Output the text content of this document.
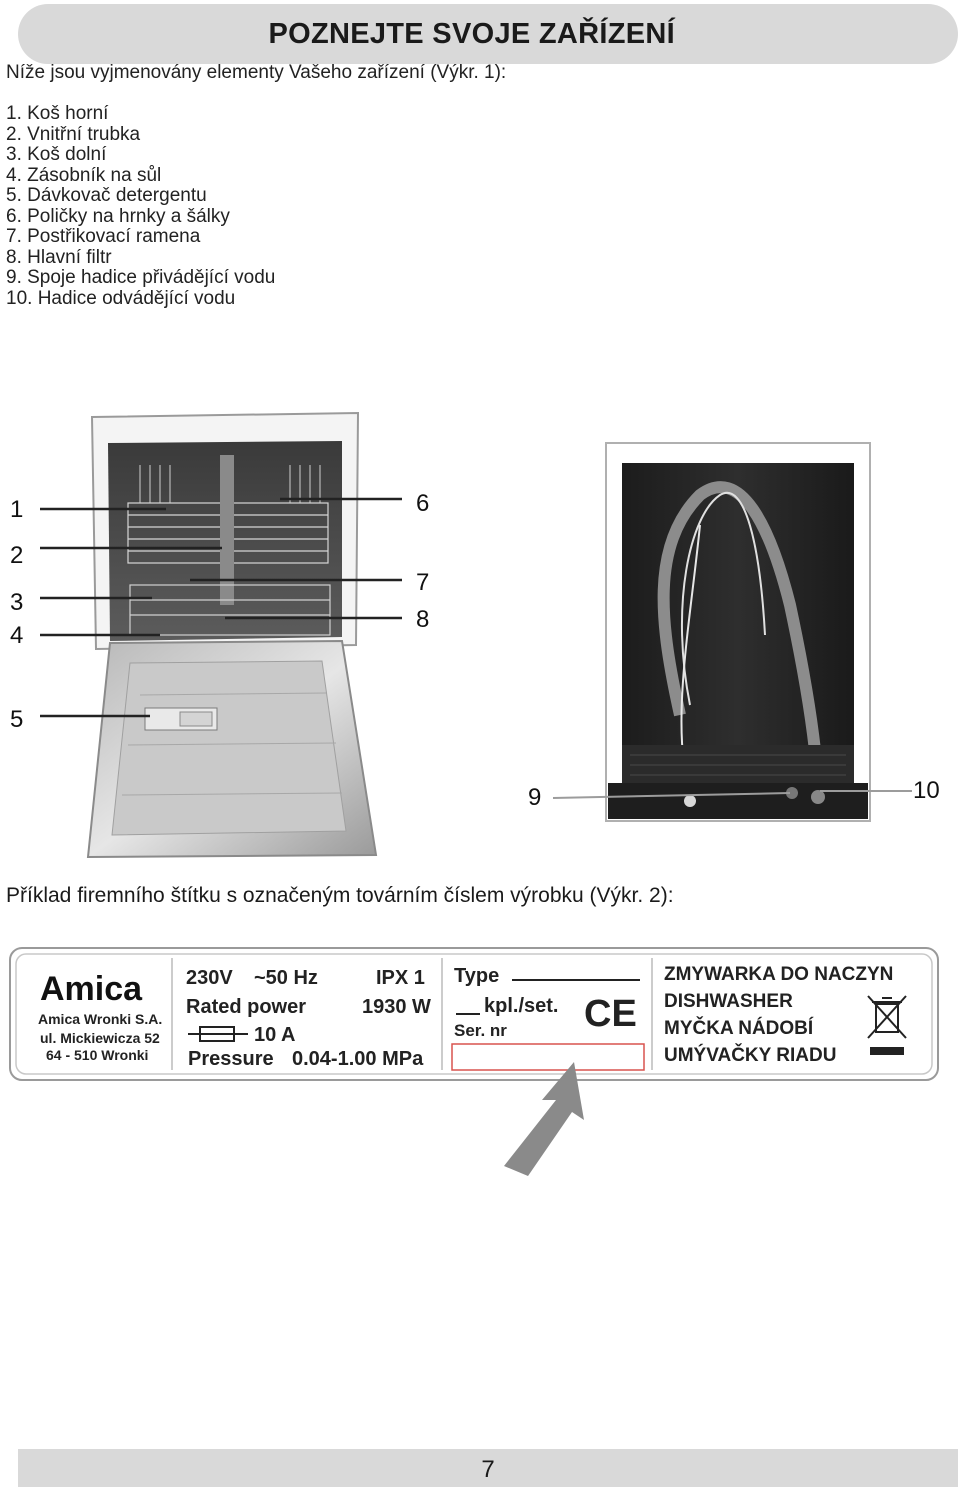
POZNEJTE SVOJE ZAŘÍZENÍ
Níže jsou vyjmenovány elementy Vašeho zařízení (Výkr. 1):
1. Koš horní
2. Vnitřní trubka
3. Koš dolní
4. Zásobník na sůl
5. Dávkovač detergentu
6. Poličky na hrnky a šálky
7. Postřikovací ramena
8. Hlavní filtr
9. Spoje hadice přivádějící vodu
10. Hadice odvádějící vodu
1
2
3
4
5
6
7
8
9	10
Příklad firemního štítku s označeným továrním číslem výrobku (Výkr. 2):
Amica
Amica Wronki S.A.
ul. Mickiewicza 52
64 - 510 Wronki
230V ~50 Hz	IPX 1
Rated power	1930 W
10 A
Pressure 0.04-1.00 MPa
Type
kpl./set.
Ser. nr CE
ZMYWARKA DO NACZYN
DISHWASHER
MYČKA NÁDOBÍ
UMÝVAČKY RIADU
7
